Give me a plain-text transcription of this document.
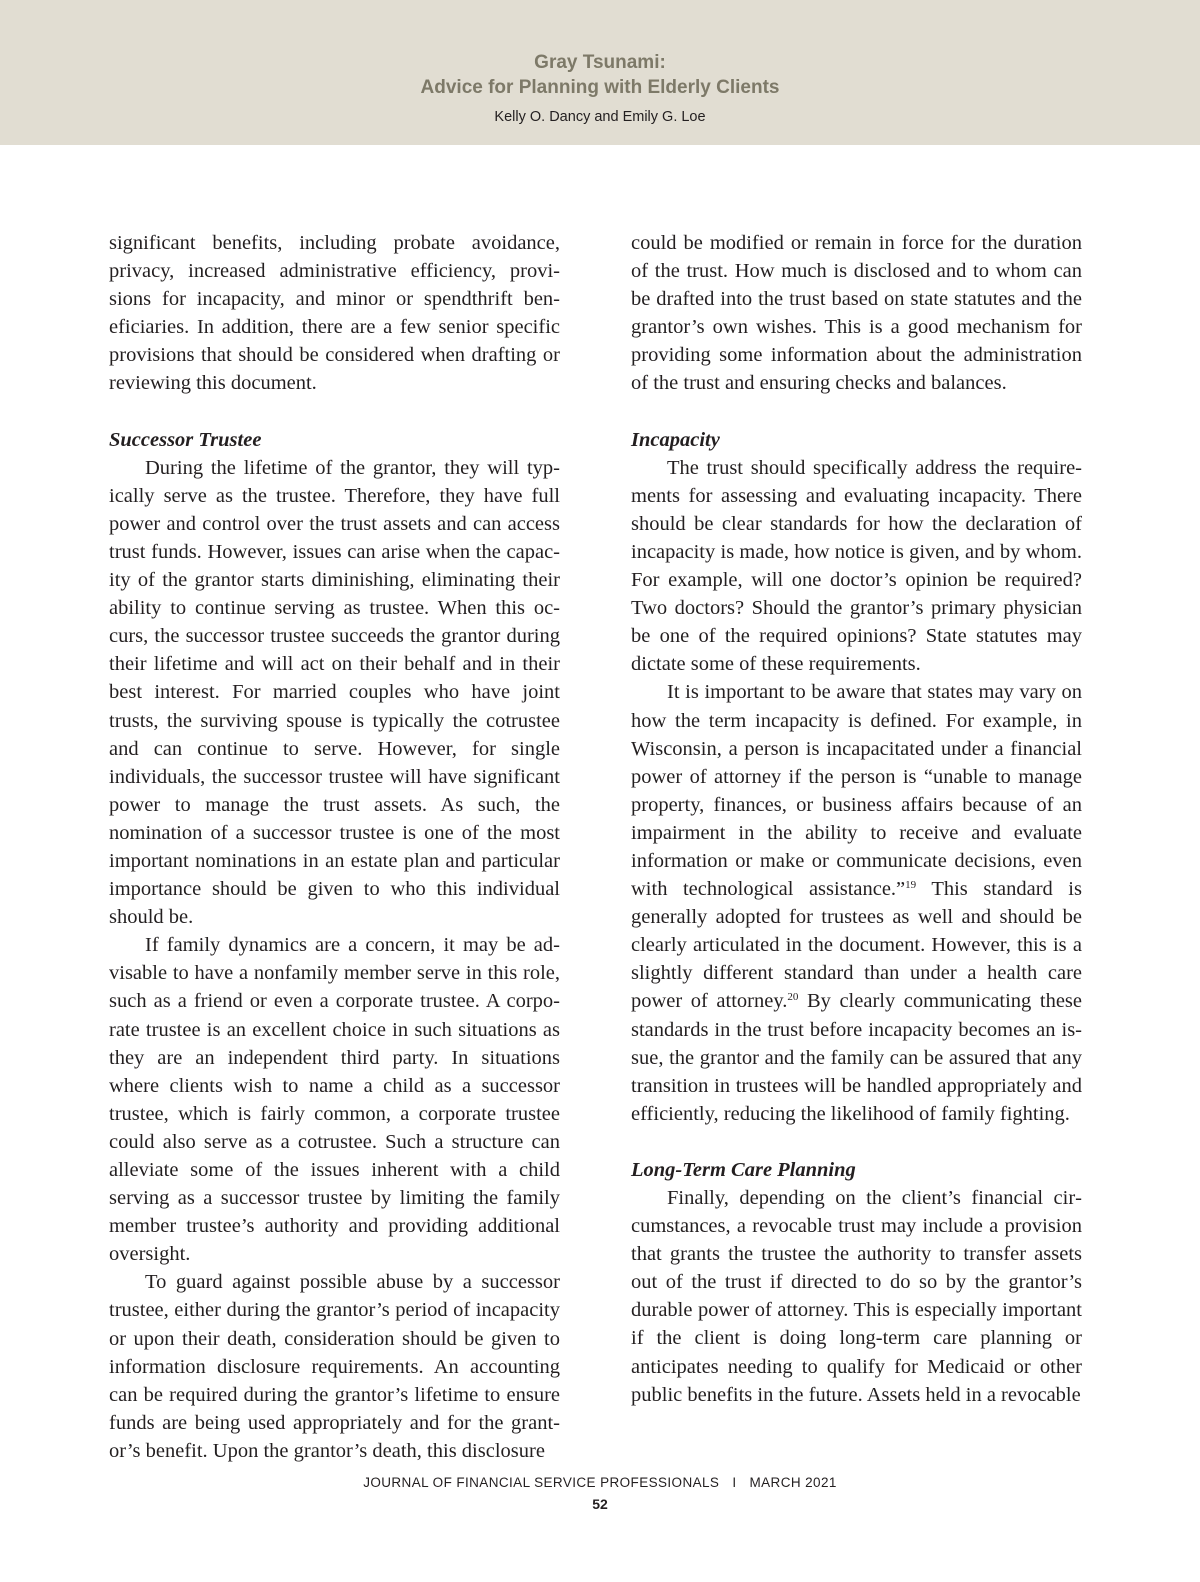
Gray Tsunami:
Advice for Planning with Elderly Clients
Kelly O. Dancy and Emily G. Loe

significant benefits, including probate avoidance, privacy, increased administrative efficiency, provisions for incapacity, and minor or spendthrift beneficiaries. In addition, there are a few senior specific provisions that should be considered when drafting or reviewing this document.

Successor Trustee

During the lifetime of the grantor, they will typically serve as the trustee. Therefore, they have full power and control over the trust assets and can access trust funds. However, issues can arise when the capacity of the grantor starts diminishing, eliminating their ability to continue serving as trustee. When this occurs, the successor trustee succeeds the grantor during their lifetime and will act on their behalf and in their best interest. For married couples who have joint trusts, the surviving spouse is typically the cotrustee and can continue to serve. However, for single individuals, the successor trustee will have significant power to manage the trust assets. As such, the nomination of a successor trustee is one of the most important nominations in an estate plan and particular importance should be given to who this individual should be.

If family dynamics are a concern, it may be advisable to have a nonfamily member serve in this role, such as a friend or even a corporate trustee. A corporate trustee is an excellent choice in such situations as they are an independent third party. In situations where clients wish to name a child as a successor trustee, which is fairly common, a corporate trustee could also serve as a cotrustee. Such a structure can alleviate some of the issues inherent with a child serving as a successor trustee by limiting the family member trustee’s authority and providing additional oversight.

To guard against possible abuse by a successor trustee, either during the grantor’s period of incapacity or upon their death, consideration should be given to information disclosure requirements. An accounting can be required during the grantor’s lifetime to ensure funds are being used appropriately and for the grantor’s benefit. Upon the grantor’s death, this disclosure

could be modified or remain in force for the duration of the trust. How much is disclosed and to whom can be drafted into the trust based on state statutes and the grantor’s own wishes. This is a good mechanism for providing some information about the administration of the trust and ensuring checks and balances.

Incapacity

The trust should specifically address the requirements for assessing and evaluating incapacity. There should be clear standards for how the declaration of incapacity is made, how notice is given, and by whom. For example, will one doctor’s opinion be required? Two doctors? Should the grantor’s primary physician be one of the required opinions? State statutes may dictate some of these requirements.

It is important to be aware that states may vary on how the term incapacity is defined. For example, in Wisconsin, a person is incapacitated under a financial power of attorney if the person is “unable to manage property, finances, or business affairs because of an impairment in the ability to receive and evaluate information or make or communicate decisions, even with technological assistance.”$^{19}$ This standard is generally adopted for trustees as well and should be clearly articulated in the document. However, this is a slightly different standard than under a health care power of attorney.$^{20}$ By clearly communicating these standards in the trust before incapacity becomes an issue, the grantor and the family can be assured that any transition in trustees will be handled appropriately and efficiently, reducing the likelihood of family fighting.

Long-Term Care Planning

Finally, depending on the client’s financial circumstances, a revocable trust may include a provision that grants the trustee the authority to transfer assets out of the trust if directed to do so by the grantor’s durable power of attorney. This is especially important if the client is doing long-term care planning or anticipates needing to qualify for Medicaid or other public benefits in the future. Assets held in a revocable

JOURNAL OF FINANCIAL SERVICE PROFESSIONALS I MARCH 2021
52
